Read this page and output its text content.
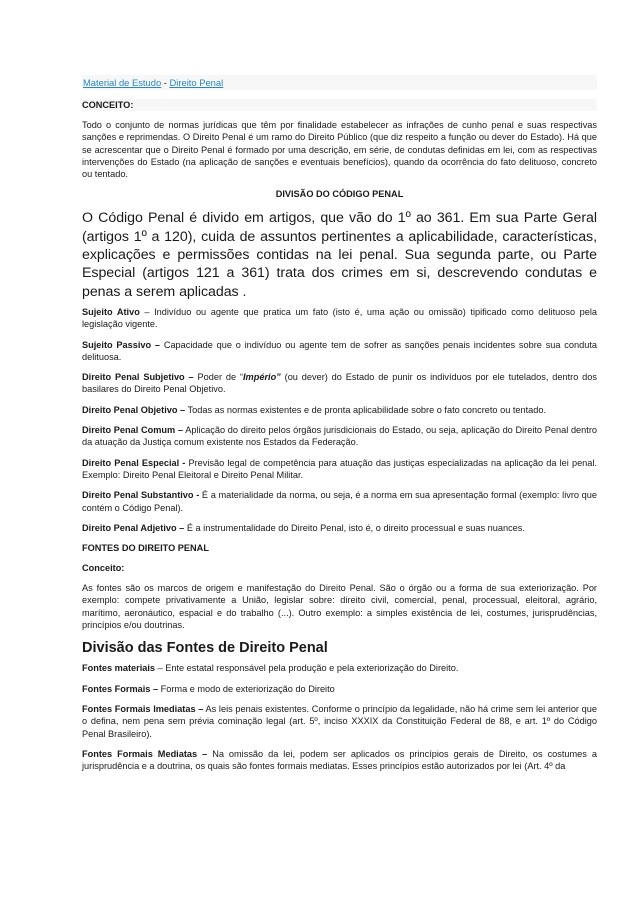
Material de Estudo - Direito Penal
CONCEITO:

Todo o conjunto de normas jurídicas que têm por finalidade estabelecer as infrações de cunho penal e suas respectivas sanções e reprimendas. O Direito Penal é um ramo do Direito Público (que diz respeito a função ou dever do Estado). Há que se acrescentar que o Direito Penal é formado por uma descrição, em série, de condutas definidas em lei, com as respectivas intervenções do Estado (na aplicação de sanções e eventuais benefícios), quando da ocorrência do fato delituoso, concreto ou tentado.

DIVISÃO DO CÓDIGO PENAL

O Código Penal é divido em artigos, que vão do 1º ao 361. Em sua Parte Geral (artigos 1º a 120), cuida de assuntos pertinentes a aplicabilidade, características, explicações e permissões contidas na lei penal. Sua segunda parte, ou Parte Especial (artigos 121 a 361) trata dos crimes em si, descrevendo condutas e penas a serem aplicadas .

Sujeito Ativo – Indivíduo ou agente que pratica um fato (isto é, uma ação ou omissão) tipificado como delituoso pela legislação vigente.

Sujeito Passivo – Capacidade que o indivíduo ou agente tem de sofrer as sanções penais incidentes sobre sua conduta delituosa.

Direito Penal Subjetivo – Poder de “Império” (ou dever) do Estado de punir os indivíduos por ele tutelados, dentro dos basilares do Direito Penal Objetivo.

Direito Penal Objetivo – Todas as normas existentes e de pronta aplicabilidade sobre o fato concreto ou tentado.

Direito Penal Comum – Aplicação do direito pelos órgãos jurisdicionais do Estado, ou seja, aplicação do Direito Penal dentro da atuação da Justiça comum existente nos Estados da Federação.

Direito Penal Especial - Previsão legal de competência para atuação das justiças especializadas na aplicação da lei penal. Exemplo: Direito Penal Eleitoral e Direito Penal Militar.

Direito Penal Substantivo - É a materialidade da norma, ou seja, é a norma em sua apresentação formal (exemplo: livro que contém o Código Penal).

Direito Penal Adjetivo – É a instrumentalidade do Direito Penal, isto é, o direito processual e suas nuances.

FONTES DO DIREITO PENAL
Conceito:

As fontes são os marcos de origem e manifestação do Direito Penal. São o órgão ou a forma de sua exteriorização. Por exemplo: compete privativamente a União, legislar sobre: direito civil, comercial, penal, processual, eleitoral, agrário, marítimo, aeronáutico, espacial e do trabalho (...). Outro exemplo: a simples existência de lei, costumes, jurisprudências, princípios e/ou doutrinas.

Divisão das Fontes de Direito Penal

Fontes materiais – Ente estatal responsável pela produção e pela exteriorização do Direito.

Fontes Formais – Forma e modo de exteriorização do Direito

Fontes Formais Imediatas – As leis penais existentes. Conforme o princípio da legalidade, não há crime sem lei anterior que o defina, nem pena sem prévia cominação legal (art. 5º, inciso XXXIX da Constituição Federal de 88, e art. 1º do Código Penal Brasileiro).

Fontes Formais Mediatas – Na omissão da lei, podem ser aplicados os princípios gerais de Direito, os costumes a jurisprudência e a doutrina, os quais são fontes formais mediatas. Esses princípios estão autorizados por lei (Art. 4º da
